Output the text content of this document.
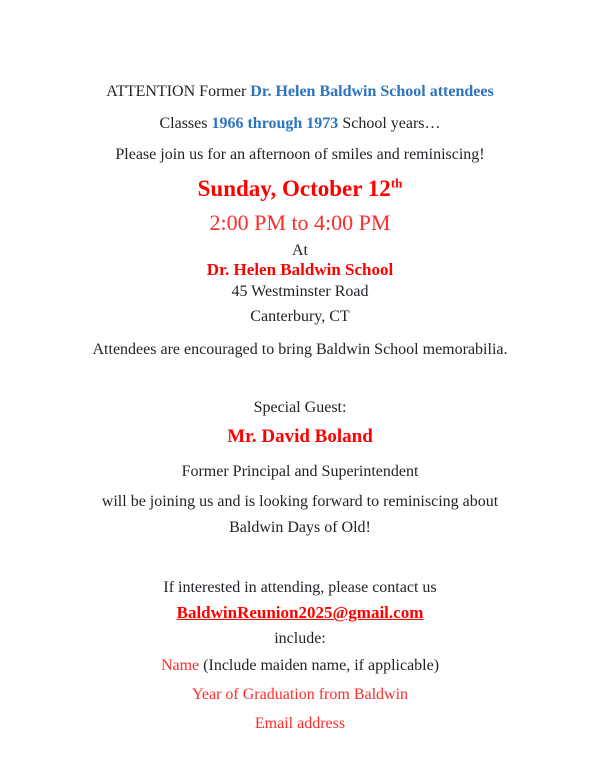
ATTENTION Former Dr. Helen Baldwin School attendees

Classes 1966 through 1973 School years…

Please join us for an afternoon of smiles and reminiscing!

Sunday, October 12th

2:00 PM to 4:00 PM

At

Dr. Helen Baldwin School

45 Westminster Road

Canterbury, CT

Attendees are encouraged to bring Baldwin School memorabilia.

Special Guest:

Mr. David Boland

Former Principal and Superintendent

will be joining us and is looking forward to reminiscing about

Baldwin Days of Old!

If interested in attending, please contact us

BaldwinReunion2025@gmail.com

include:

Name (Include maiden name, if applicable)

Year of Graduation from Baldwin

Email address
